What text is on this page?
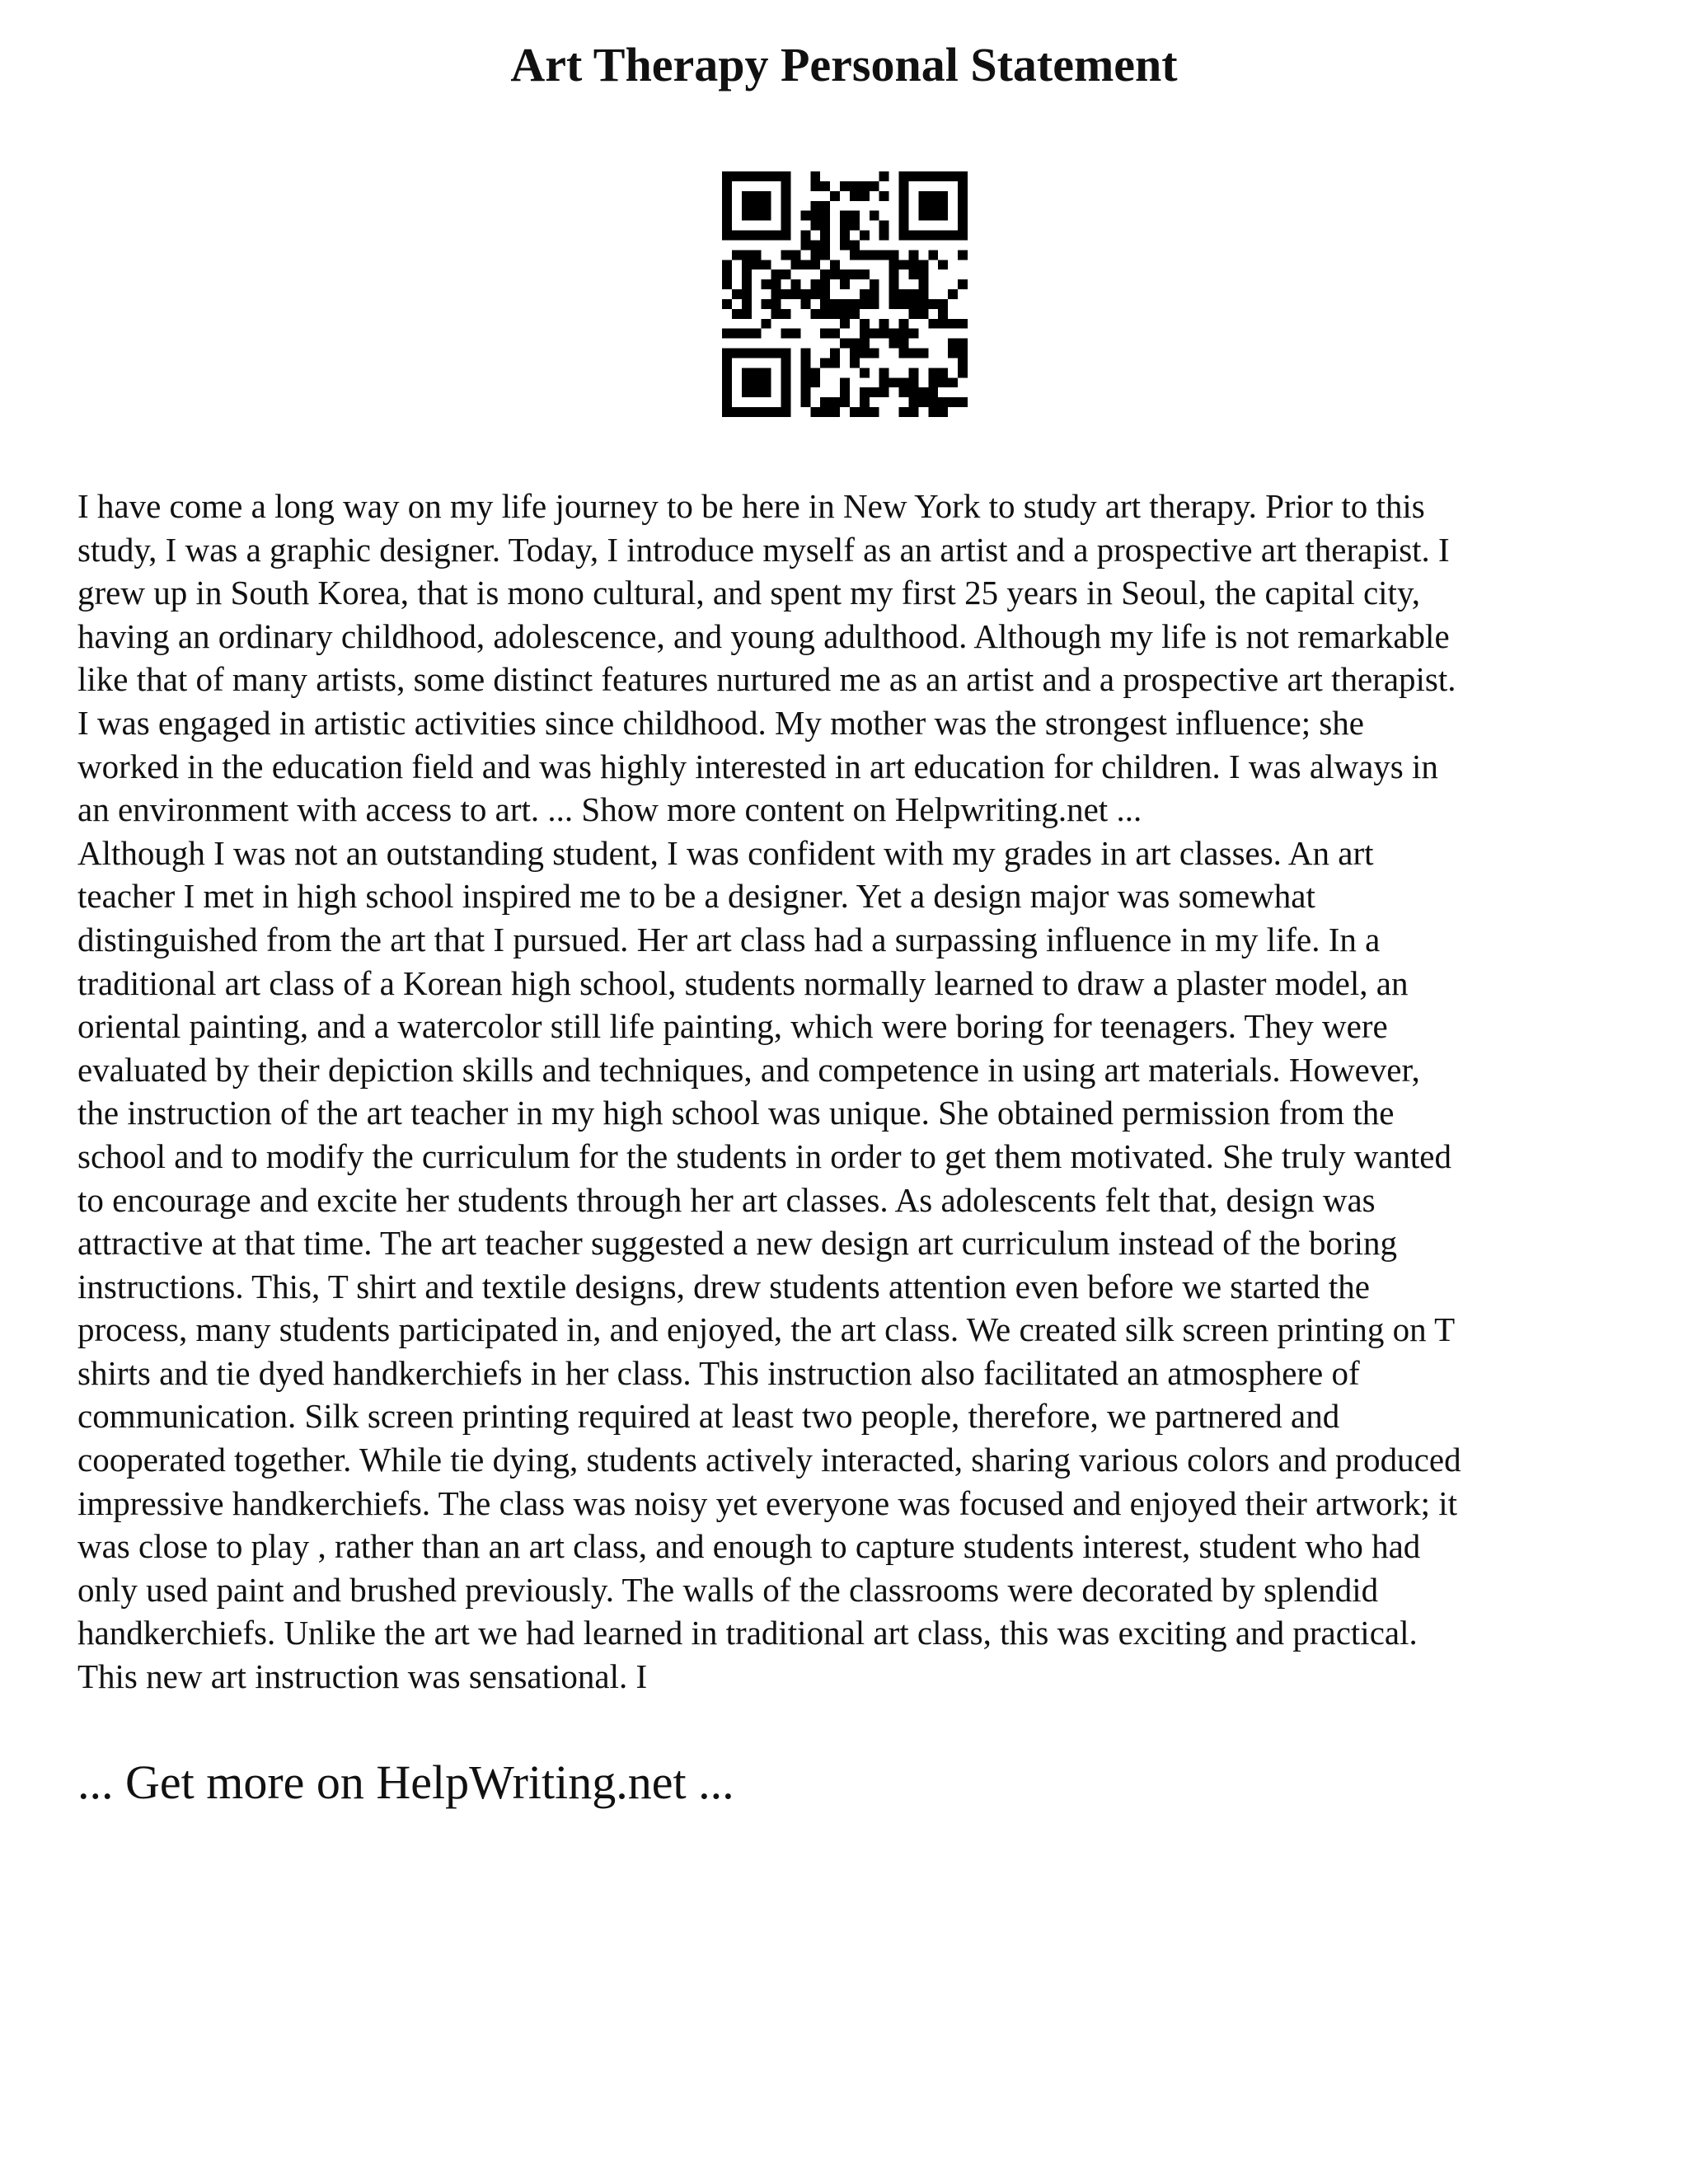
Art Therapy Personal Statement

I have come a long way on my life journey to be here in New York to study art therapy. Prior to this
study, I was a graphic designer. Today, I introduce myself as an artist and a prospective art therapist. I
grew up in South Korea, that is mono cultural, and spent my first 25 years in Seoul, the capital city,
having an ordinary childhood, adolescence, and young adulthood. Although my life is not remarkable
like that of many artists, some distinct features nurtured me as an artist and a prospective art therapist.
I was engaged in artistic activities since childhood. My mother was the strongest influence; she
worked in the education field and was highly interested in art education for children. I was always in
an environment with access to art. ... Show more content on Helpwriting.net ...

Although I was not an outstanding student, I was confident with my grades in art classes. An art
teacher I met in high school inspired me to be a designer. Yet a design major was somewhat
distinguished from the art that I pursued. Her art class had a surpassing influence in my life. In a
traditional art class of a Korean high school, students normally learned to draw a plaster model, an
oriental painting, and a watercolor still life painting, which were boring for teenagers. They were
evaluated by their depiction skills and techniques, and competence in using art materials. However,
the instruction of the art teacher in my high school was unique. She obtained permission from the
school and to modify the curriculum for the students in order to get them motivated. She truly wanted
to encourage and excite her students through her art classes. As adolescents felt that, design was
attractive at that time. The art teacher suggested a new design art curriculum instead of the boring
instructions. This, T shirt and textile designs, drew students attention even before we started the
process, many students participated in, and enjoyed, the art class. We created silk screen printing on T
shirts and tie dyed handkerchiefs in her class. This instruction also facilitated an atmosphere of
communication. Silk screen printing required at least two people, therefore, we partnered and
cooperated together. While tie dying, students actively interacted, sharing various colors and produced
impressive handkerchiefs. The class was noisy yet everyone was focused and enjoyed their artwork; it
was close to play , rather than an art class, and enough to capture students interest, student who had
only used paint and brushed previously. The walls of the classrooms were decorated by splendid
handkerchiefs. Unlike the art we had learned in traditional art class, this was exciting and practical.
This new art instruction was sensational. I

... Get more on HelpWriting.net ...
